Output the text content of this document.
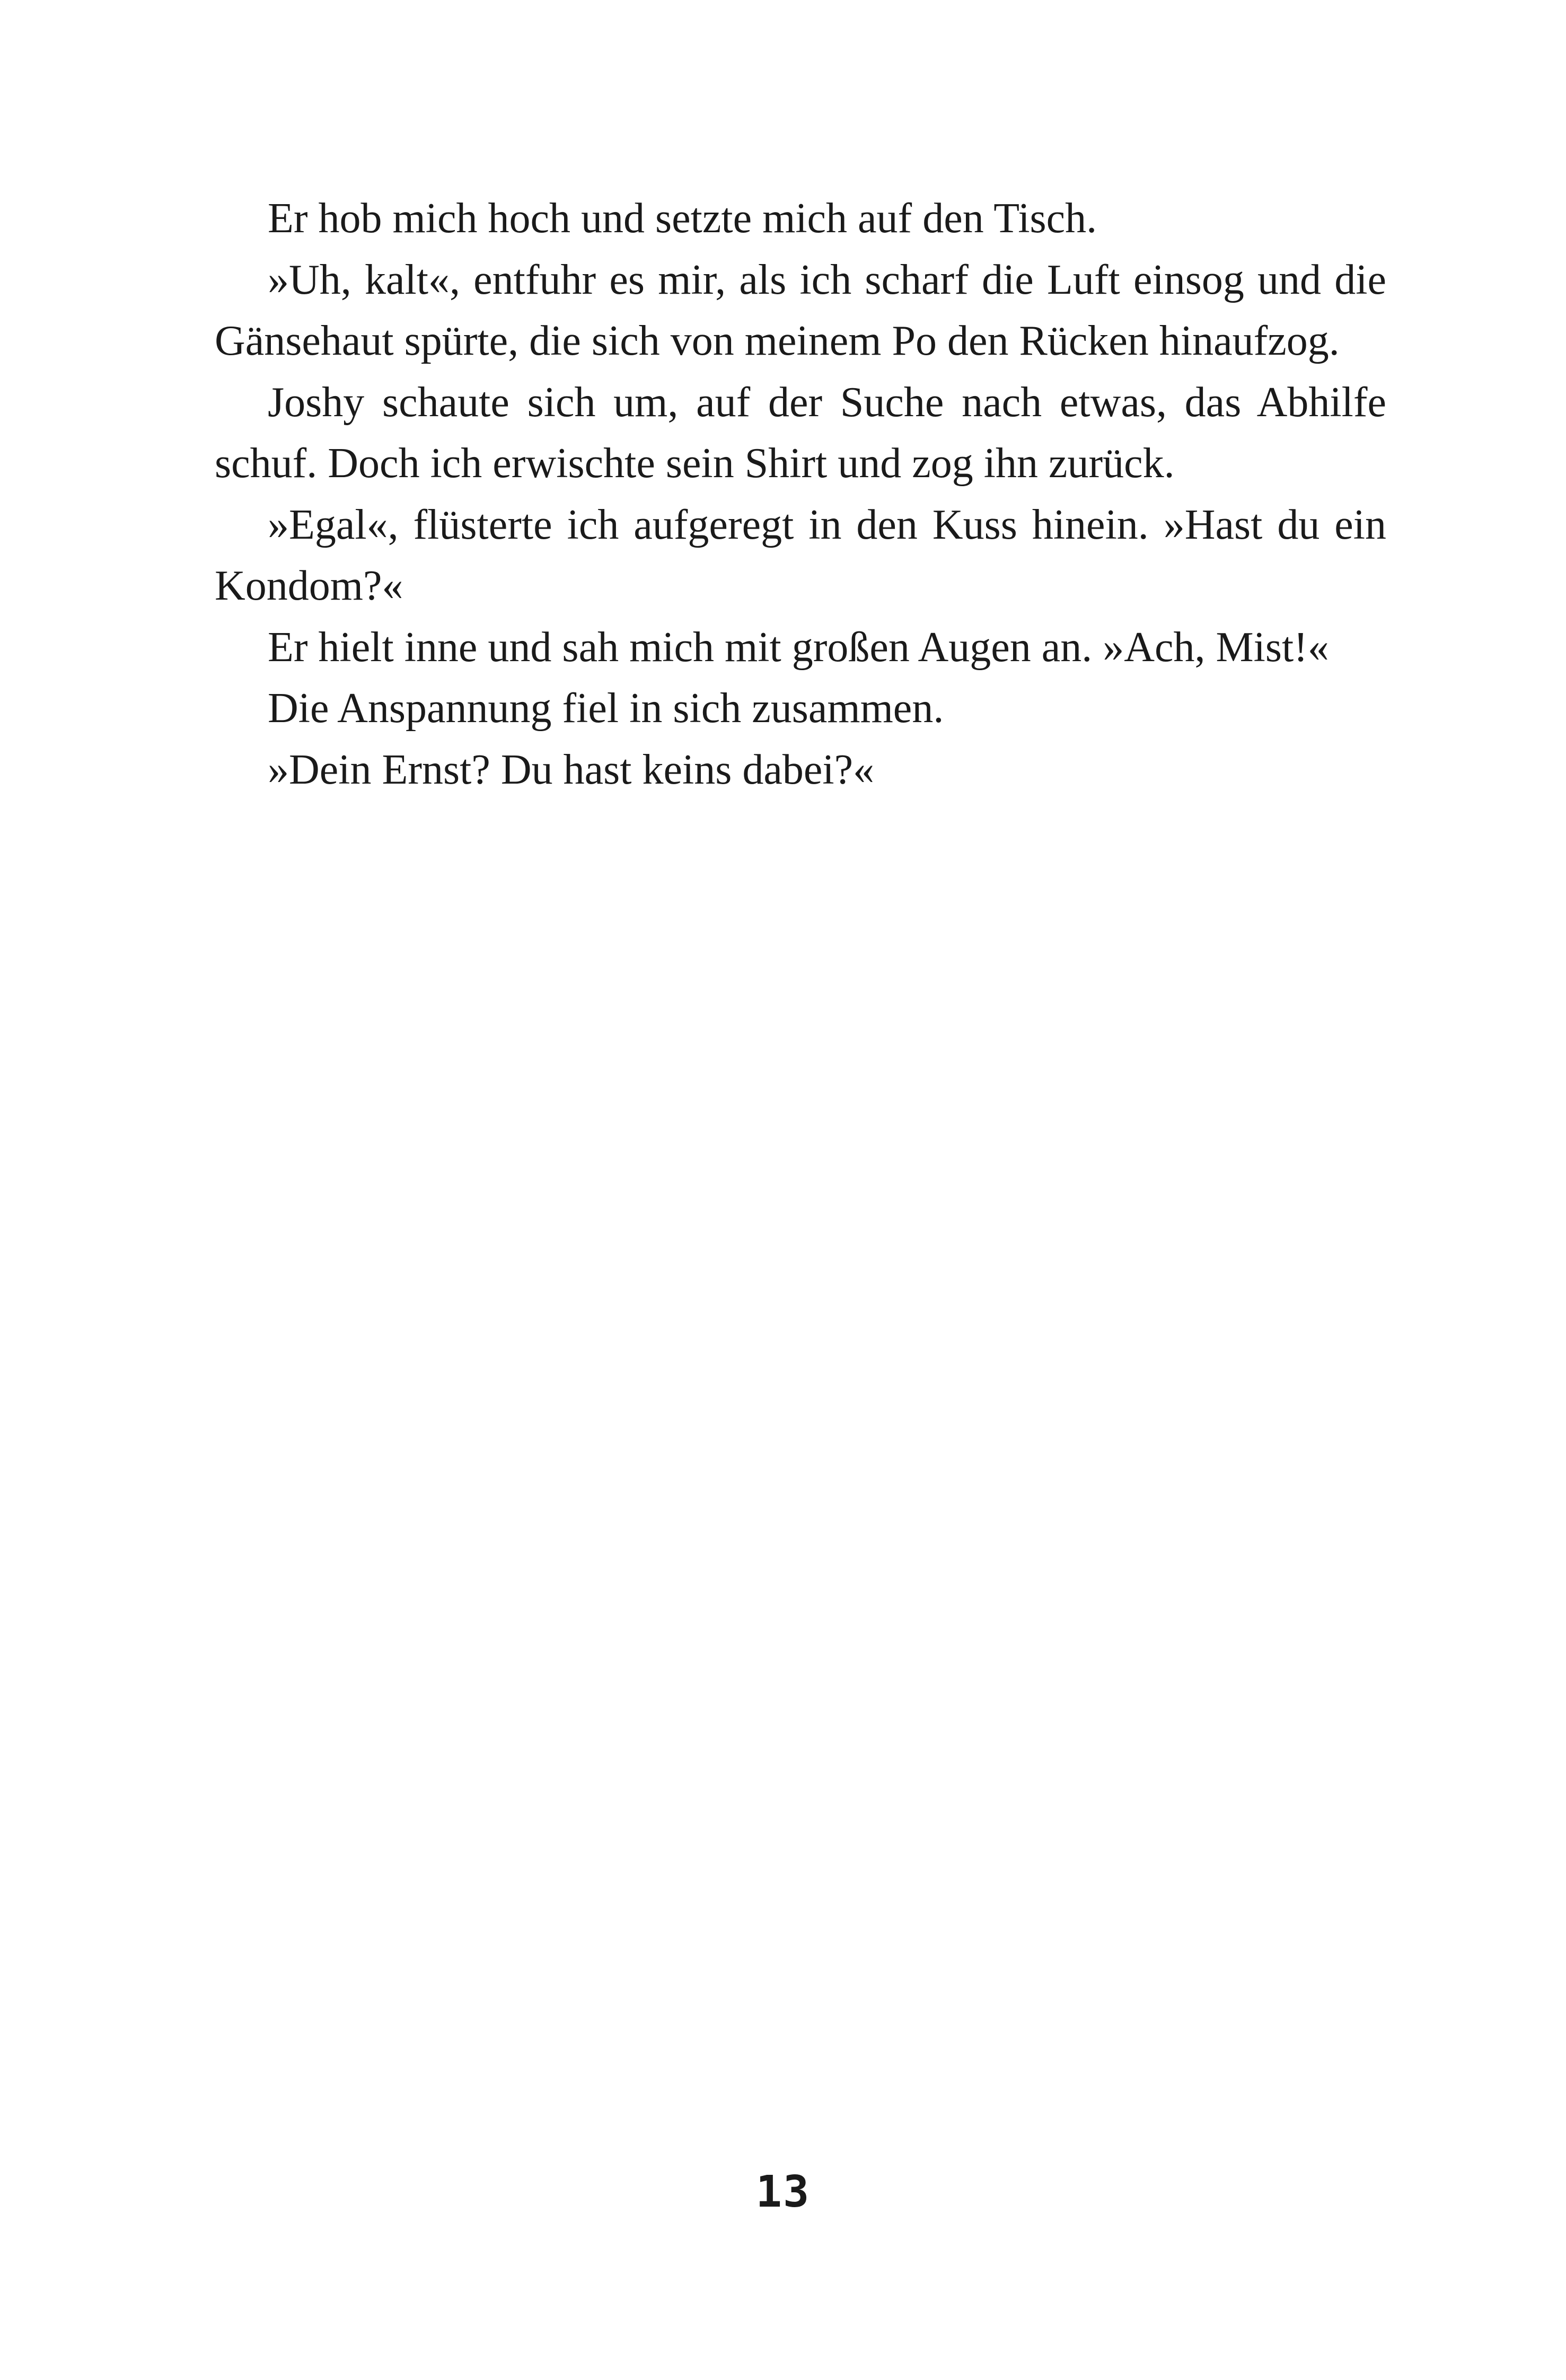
Er hob mich hoch und setzte mich auf den Tisch.

»Uh, kalt«, entfuhr es mir, als ich scharf die Luft einsog und die Gänsehaut spürte, die sich von meinem Po den Rücken hinaufzog.

Joshy schaute sich um, auf der Suche nach etwas, das Abhilfe schuf. Doch ich erwischte sein Shirt und zog ihn zurück.

»Egal«, flüsterte ich aufgeregt in den Kuss hinein. »Hast du ein Kondom?«

Er hielt inne und sah mich mit großen Augen an. »Ach, Mist!«

Die Anspannung fiel in sich zusammen.

»Dein Ernst? Du hast keins dabei?«

13
